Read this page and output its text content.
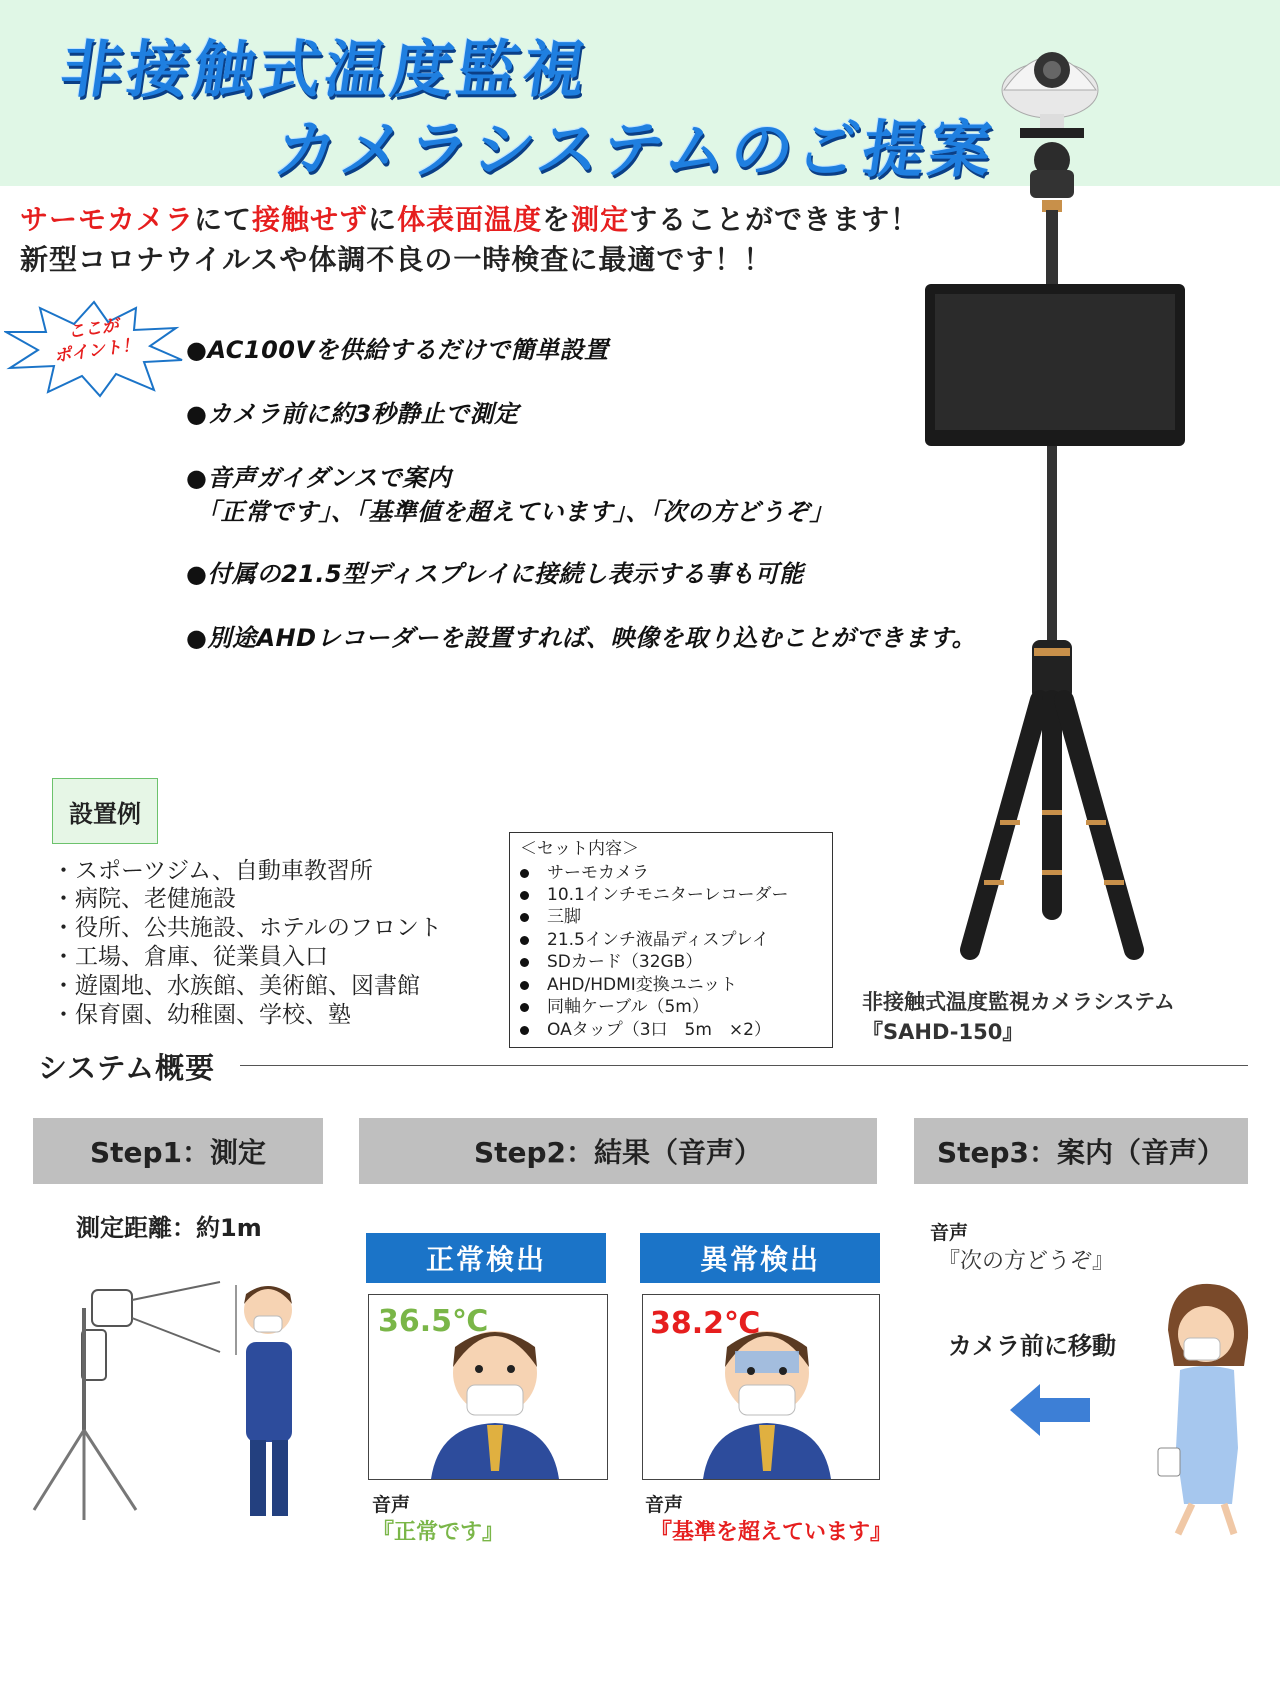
非接触式温度監視
カメラシステムのご提案
サーモカメラにて接触せずに体表面温度を測定することができます！
新型コロナウイルスや体調不良の一時検査に最適です！！
ここが
ポイント！	●AC100Vを供給するだけで簡単設置
●カメラ前に約3秒静止で測定
●音声ガイダンスで案内
「正常です」、「基準値を超えています」、「次の方どうぞ」
●付属の21.5型ディスプレイに接続し表示する事も可能
●別途AHDレコーダーを設置すれば、映像を取り込むことができます。
非接触式温度監視カメラシステム
『SAHD-150』
設置例
・スポーツジム、自動車教習所
・病院、老健施設
・役所、公共施設、ホテルのフロント
・工場、倉庫、従業員入口
・遊園地、水族館、美術館、図書館
・保育園、幼稚園、学校、塾
＜セット内容＞
サーモカメラ
10.1インチモニターレコーダー
三脚
21.5インチ液晶ディスプレイ
SDカード（32GB）
AHD/HDMI変換ユニット
同軸ケーブル（5m）
OAタップ（3口　5m　×2）
システム概要
Step1：測定	Step2：結果（音声）	Step3：案内（音声）
測定距離：約1m
正常検出
36.5℃
音声
『正常です』
異常検出
38.2℃
音声
『基準を超えています』
音声
『次の方どうぞ』
カメラ前に移動
